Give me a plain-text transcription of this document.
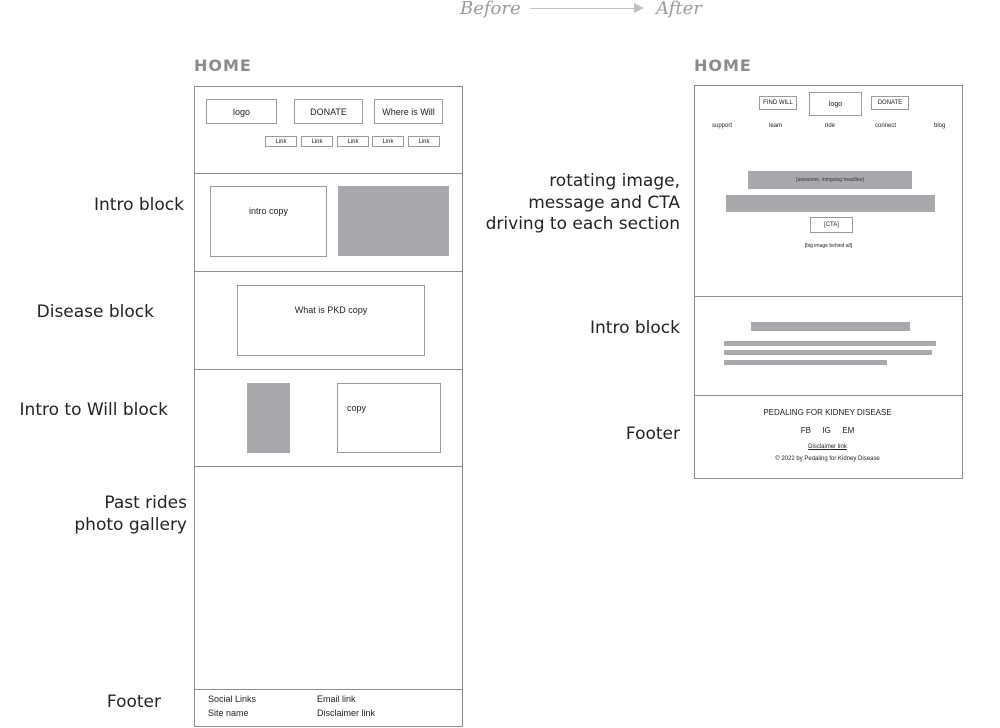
Before	After
HOME
logo	DONATE	Where is Will
Link	Link	Link	Link	Link
intro copy
What is PKD copy
copy
Social Links
Site name
Email link
Disclaimer link
Intro block
Disease block
Intro to Will block
Past rides
photo gallery
Footer
HOME
FIND WILL	logo	DONATE
support	learn	ride	connect	blog
[awesome, intriguing headline]
[CTA]
[big image behind all]
PEDALING FOR KIDNEY DISEASE
FB IG EM
Disclaimer link
© 2022 by Pedaling for Kidney Disease
rotating image,
message and CTA
driving to each section
Intro block
Footer
